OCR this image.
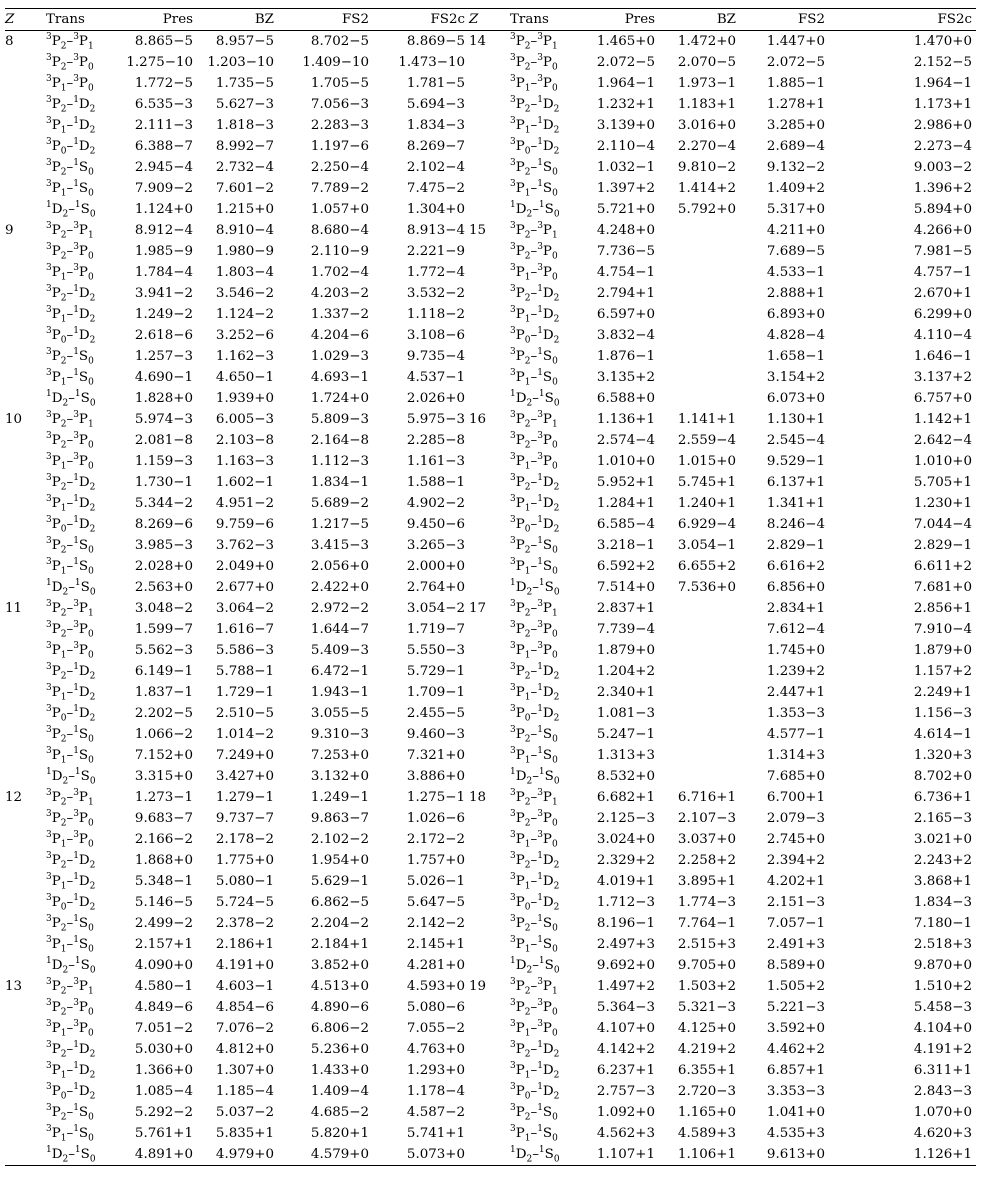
Z	Trans	Pres	BZ	FS2	FS2c	Z	Trans	Pres	BZ	FS2	FS2c
8	$^3P_2-^3P_1$	8.865−5	8.957−5	8.702−5	8.869−5	14	$^3P_2-^3P_1$	1.465+0	1.472+0	1.447+0	1.470+0
	$^3P_2-^3P_0$	1.275−10	1.203−10	1.409−10	1.473−10		$^3P_2-^3P_0$	2.072−5	2.070−5	2.072−5	2.152−5
	$^3P_1-^3P_0$	1.772−5	1.735−5	1.705−5	1.781−5		$^3P_1-^3P_0$	1.964−1	1.973−1	1.885−1	1.964−1
	$^3P_2-^1D_2$	6.535−3	5.627−3	7.056−3	5.694−3		$^3P_2-^1D_2$	1.232+1	1.183+1	1.278+1	1.173+1
	$^3P_1-^1D_2$	2.111−3	1.818−3	2.283−3	1.834−3		$^3P_1-^1D_2$	3.139+0	3.016+0	3.285+0	2.986+0
	$^3P_0-^1D_2$	6.388−7	8.992−7	1.197−6	8.269−7		$^3P_0-^1D_2$	2.110−4	2.270−4	2.689−4	2.273−4
	$^3P_2-^1S_0$	2.945−4	2.732−4	2.250−4	2.102−4		$^3P_2-^1S_0$	1.032−1	9.810−2	9.132−2	9.003−2
	$^3P_1-^1S_0$	7.909−2	7.601−2	7.789−2	7.475−2		$^3P_1-^1S_0$	1.397+2	1.414+2	1.409+2	1.396+2
	$^1D_2-^1S_0$	1.124+0	1.215+0	1.057+0	1.304+0		$^1D_2-^1S_0$	5.721+0	5.792+0	5.317+0	5.894+0
9	$^3P_2-^3P_1$	8.912−4	8.910−4	8.680−4	8.913−4	15	$^3P_2-^3P_1$	4.248+0		4.211+0	4.266+0
	$^3P_2-^3P_0$	1.985−9	1.980−9	2.110−9	2.221−9		$^3P_2-^3P_0$	7.736−5		7.689−5	7.981−5
	$^3P_1-^3P_0$	1.784−4	1.803−4	1.702−4	1.772−4		$^3P_1-^3P_0$	4.754−1		4.533−1	4.757−1
	$^3P_2-^1D_2$	3.941−2	3.546−2	4.203−2	3.532−2		$^3P_2-^1D_2$	2.794+1		2.888+1	2.670+1
	$^3P_1-^1D_2$	1.249−2	1.124−2	1.337−2	1.118−2		$^3P_1-^1D_2$	6.597+0		6.893+0	6.299+0
	$^3P_0-^1D_2$	2.618−6	3.252−6	4.204−6	3.108−6		$^3P_0-^1D_2$	3.832−4		4.828−4	4.110−4
	$^3P_2-^1S_0$	1.257−3	1.162−3	1.029−3	9.735−4		$^3P_2-^1S_0$	1.876−1		1.658−1	1.646−1
	$^3P_1-^1S_0$	4.690−1	4.650−1	4.693−1	4.537−1		$^3P_1-^1S_0$	3.135+2		3.154+2	3.137+2
	$^1D_2-^1S_0$	1.828+0	1.939+0	1.724+0	2.026+0		$^1D_2-^1S_0$	6.588+0		6.073+0	6.757+0
10	$^3P_2-^3P_1$	5.974−3	6.005−3	5.809−3	5.975−3	16	$^3P_2-^3P_1$	1.136+1	1.141+1	1.130+1	1.142+1
	$^3P_2-^3P_0$	2.081−8	2.103−8	2.164−8	2.285−8		$^3P_2-^3P_0$	2.574−4	2.559−4	2.545−4	2.642−4
	$^3P_1-^3P_0$	1.159−3	1.163−3	1.112−3	1.161−3		$^3P_1-^3P_0$	1.010+0	1.015+0	9.529−1	1.010+0
	$^3P_2-^1D_2$	1.730−1	1.602−1	1.834−1	1.588−1		$^3P_2-^1D_2$	5.952+1	5.745+1	6.137+1	5.705+1
	$^3P_1-^1D_2$	5.344−2	4.951−2	5.689−2	4.902−2		$^3P_1-^1D_2$	1.284+1	1.240+1	1.341+1	1.230+1
	$^3P_0-^1D_2$	8.269−6	9.759−6	1.217−5	9.450−6		$^3P_0-^1D_2$	6.585−4	6.929−4	8.246−4	7.044−4
	$^3P_2-^1S_0$	3.985−3	3.762−3	3.415−3	3.265−3		$^3P_2-^1S_0$	3.218−1	3.054−1	2.829−1	2.829−1
	$^3P_1-^1S_0$	2.028+0	2.049+0	2.056+0	2.000+0		$^3P_1-^1S_0$	6.592+2	6.655+2	6.616+2	6.611+2
	$^1D_2-^1S_0$	2.563+0	2.677+0	2.422+0	2.764+0		$^1D_2-^1S_0$	7.514+0	7.536+0	6.856+0	7.681+0
11	$^3P_2-^3P_1$	3.048−2	3.064−2	2.972−2	3.054−2	17	$^3P_2-^3P_1$	2.837+1		2.834+1	2.856+1
	$^3P_2-^3P_0$	1.599−7	1.616−7	1.644−7	1.719−7		$^3P_2-^3P_0$	7.739−4		7.612−4	7.910−4
	$^3P_1-^3P_0$	5.562−3	5.586−3	5.409−3	5.550−3		$^3P_1-^3P_0$	1.879+0		1.745+0	1.879+0
	$^3P_2-^1D_2$	6.149−1	5.788−1	6.472−1	5.729−1		$^3P_2-^1D_2$	1.204+2		1.239+2	1.157+2
	$^3P_1-^1D_2$	1.837−1	1.729−1	1.943−1	1.709−1		$^3P_1-^1D_2$	2.340+1		2.447+1	2.249+1
	$^3P_0-^1D_2$	2.202−5	2.510−5	3.055−5	2.455−5		$^3P_0-^1D_2$	1.081−3		1.353−3	1.156−3
	$^3P_2-^1S_0$	1.066−2	1.014−2	9.310−3	9.460−3		$^3P_2-^1S_0$	5.247−1		4.577−1	4.614−1
	$^3P_1-^1S_0$	7.152+0	7.249+0	7.253+0	7.321+0		$^3P_1-^1S_0$	1.313+3		1.314+3	1.320+3
	$^1D_2-^1S_0$	3.315+0	3.427+0	3.132+0	3.886+0		$^1D_2-^1S_0$	8.532+0		7.685+0	8.702+0
12	$^3P_2-^3P_1$	1.273−1	1.279−1	1.249−1	1.275−1	18	$^3P_2-^3P_1$	6.682+1	6.716+1	6.700+1	6.736+1
	$^3P_2-^3P_0$	9.683−7	9.737−7	9.863−7	1.026−6		$^3P_2-^3P_0$	2.125−3	2.107−3	2.079−3	2.165−3
	$^3P_1-^3P_0$	2.166−2	2.178−2	2.102−2	2.172−2		$^3P_1-^3P_0$	3.024+0	3.037+0	2.745+0	3.021+0
	$^3P_2-^1D_2$	1.868+0	1.775+0	1.954+0	1.757+0		$^3P_2-^1D_2$	2.329+2	2.258+2	2.394+2	2.243+2
	$^3P_1-^1D_2$	5.348−1	5.080−1	5.629−1	5.026−1		$^3P_1-^1D_2$	4.019+1	3.895+1	4.202+1	3.868+1
	$^3P_0-^1D_2$	5.146−5	5.724−5	6.862−5	5.647−5		$^3P_0-^1D_2$	1.712−3	1.774−3	2.151−3	1.834−3
	$^3P_2-^1S_0$	2.499−2	2.378−2	2.204−2	2.142−2		$^3P_2-^1S_0$	8.196−1	7.764−1	7.057−1	7.180−1
	$^3P_1-^1S_0$	2.157+1	2.186+1	2.184+1	2.145+1		$^3P_1-^1S_0$	2.497+3	2.515+3	2.491+3	2.518+3
	$^1D_2-^1S_0$	4.090+0	4.191+0	3.852+0	4.281+0		$^1D_2-^1S_0$	9.692+0	9.705+0	8.589+0	9.870+0
13	$^3P_2-^3P_1$	4.580−1	4.603−1	4.513+0	4.593+0	19	$^3P_2-^3P_1$	1.497+2	1.503+2	1.505+2	1.510+2
	$^3P_2-^3P_0$	4.849−6	4.854−6	4.890−6	5.080−6		$^3P_2-^3P_0$	5.364−3	5.321−3	5.221−3	5.458−3
	$^3P_1-^3P_0$	7.051−2	7.076−2	6.806−2	7.055−2		$^3P_1-^3P_0$	4.107+0	4.125+0	3.592+0	4.104+0
	$^3P_2-^1D_2$	5.030+0	4.812+0	5.236+0	4.763+0		$^3P_2-^1D_2$	4.142+2	4.219+2	4.462+2	4.191+2
	$^3P_1-^1D_2$	1.366+0	1.307+0	1.433+0	1.293+0		$^3P_1-^1D_2$	6.237+1	6.355+1	6.857+1	6.311+1
	$^3P_0-^1D_2$	1.085−4	1.185−4	1.409−4	1.178−4		$^3P_0-^1D_2$	2.757−3	2.720−3	3.353−3	2.843−3
	$^3P_2-^1S_0$	5.292−2	5.037−2	4.685−2	4.587−2		$^3P_2-^1S_0$	1.092+0	1.165+0	1.041+0	1.070+0
	$^3P_1-^1S_0$	5.761+1	5.835+1	5.820+1	5.741+1		$^3P_1-^1S_0$	4.562+3	4.589+3	4.535+3	4.620+3
	$^1D_2-^1S_0$	4.891+0	4.979+0	4.579+0	5.073+0		$^1D_2-^1S_0$	1.107+1	1.106+1	9.613+0	1.126+1
